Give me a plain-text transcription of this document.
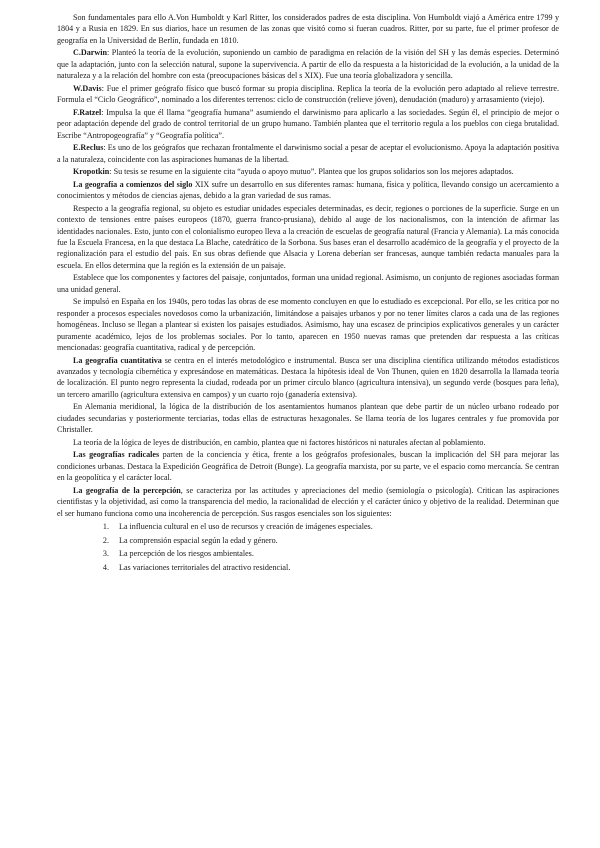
Son fundamentales para ello A.Von Humboldt y Karl Ritter, los considerados padres de esta disciplina. Von Humboldt viajó a América entre 1799 y 1804 y a Rusia en 1829. En sus diarios, hace un resumen de las zonas que visitó como si fueran cuadros. Ritter, por su parte, fue el primer profesor de geografía en la Universidad de Berlín, fundada en 1810.

C.Darwin: Planteó la teoría de la evolución, suponiendo un cambio de paradigma en relación de la visión del SH y las demás especies. Determinó que la adaptación, junto con la selección natural, supone la supervivencia. A partir de ello da respuesta a la historicidad de la evolución, a la unidad de la naturaleza y a la relación del hombre con esta (preocupaciones básicas del s XIX). Fue una teoría globalizadora y sencilla.

W.Davis: Fue el primer geógrafo físico que buscó formar su propia disciplina. Replica la teoría de la evolución pero adaptado al relieve terrestre. Formula el “Ciclo Geográfico”, nominado a los diferentes terrenos: ciclo de construcción (relieve jóven), denudación (maduro) y arrasamiento (viejo).

F.Ratzel: Impulsa la que él llama “geografía humana” asumiendo el darwinismo para aplicarlo a las sociedades. Según él, el principio de mejor o peor adaptación depende del grado de control territorial de un grupo humano. También plantea que el territorio regula a los pueblos con ciega brutalidad. Escribe “Antropogeografía” y “Geografía política”.

E.Reclus: Es uno de los geógrafos que rechazan frontalmente el darwinismo social a pesar de aceptar el evolucionismo. Apoya la adaptación positiva a la naturaleza, coincidente con las aspiraciones humanas de la libertad.

Kropotkin: Su tesis se resume en la siguiente cita “ayuda o apoyo mutuo”. Plantea que los grupos solidarios son los mejores adaptados.

La geografía a comienzos del siglo XIX sufre un desarrollo en sus diferentes ramas: humana, física y política, llevando consigo un acercamiento a conocimientos y métodos de ciencias ajenas, debido a la gran variedad de sus ramas.

Respecto a la geografía regional, su objeto es estudiar unidades especiales determinadas, es decir, regiones o porciones de la superficie. Surge en un contexto de tensiones entre países europeos (1870, guerra franco-prusiana), debido al auge de los nacionalismos, con la intención de afirmar las identidades nacionales. Esto, junto con el colonialismo europeo lleva a la creación de escuelas de geografía natural (Francia y Alemania). La más conocida fue la Escuela Francesa, en la que destaca La Blache, catedrático de la Sorbona. Sus bases eran el desarrollo académico de la geografía y el proyecto de la regionalización para el estudio del país. En sus obras defiende que Alsacia y Lorena deberían ser francesas, aunque también redacta manuales para la escuela. En ellos determina que la región es la extensión de un paisaje.

Establece que los componentes y factores del paisaje, conjuntados, forman una unidad regional. Asimismo, un conjunto de regiones asociadas forman una unidad general.

Se impulsó en España en los 1940s, pero todas las obras de ese momento concluyen en que lo estudiado es excepcional. Por ello, se les critica por no responder a procesos especiales novedosos como la urbanización, limitándose a paisajes urbanos y por no tener límites claros a cada una de las regiones homogéneas. Incluso se llegan a plantear si existen los paisajes estudiados. Asimismo, hay una escasez de principios explicativos generales y un carácter puramente académico, lejos de los problemas sociales. Por lo tanto, aparecen en 1950 nuevas ramas que pretenden dar respuesta a las críticas mencionadas: geografía cuantitativa, radical y de percepción.

La geografía cuantitativa se centra en el interés metodológico e instrumental. Busca ser una disciplina científica utilizando métodos estadísticos avanzados y tecnología cibernética y expresándose en matemáticas. Destaca la hipótesis ideal de Von Thunen, quien en 1820 desarrolla la llamada teoría de localización. El punto negro representa la ciudad, rodeada por un primer círculo blanco (agricultura intensiva), un segundo verde (bosques para leña), un tercero amarillo (agricultura extensiva en campos) y un cuarto rojo (ganadería extensiva).

En Alemania meridional, la lógica de la distribución de los asentamientos humanos plantean que debe partir de un núcleo urbano rodeado por ciudades secundarias y posteriormente terciarias, todas ellas de estructuras hexagonales. Se llama teoría de los lugares centrales y fue promovida por Christaller.

La teoría de la lógica de leyes de distribución, en cambio, plantea que ni factores históricos ni naturales afectan al poblamiento.

Las geografías radicales parten de la conciencia y ética, frente a los geógrafos profesionales, buscan la implicación del SH para mejorar las condiciones urbanas. Destaca la Expedición Geográfica de Detroit (Bunge). La geografía marxista, por su parte, ve el espacio como mercancía. Se centran en la geopolítica y el carácter local.

La geografía de la percepción, se caracteriza por las actitudes y apreciaciones del medio (semiología o psicología). Critican las aspiraciones cientifistas y la objetividad, así como la transparencia del medio, la racionalidad de elección y el carácter único y objetivo de la realidad. Determinan que el ser humano funciona como una incoherencia de percepción. Sus rasgos esenciales son los siguientes:

1. La influencia cultural en el uso de recursos y creación de imágenes especiales.
2. La comprensión espacial según la edad y género.
3. La percepción de los riesgos ambientales.
4. Las variaciones territoriales del atractivo residencial.
